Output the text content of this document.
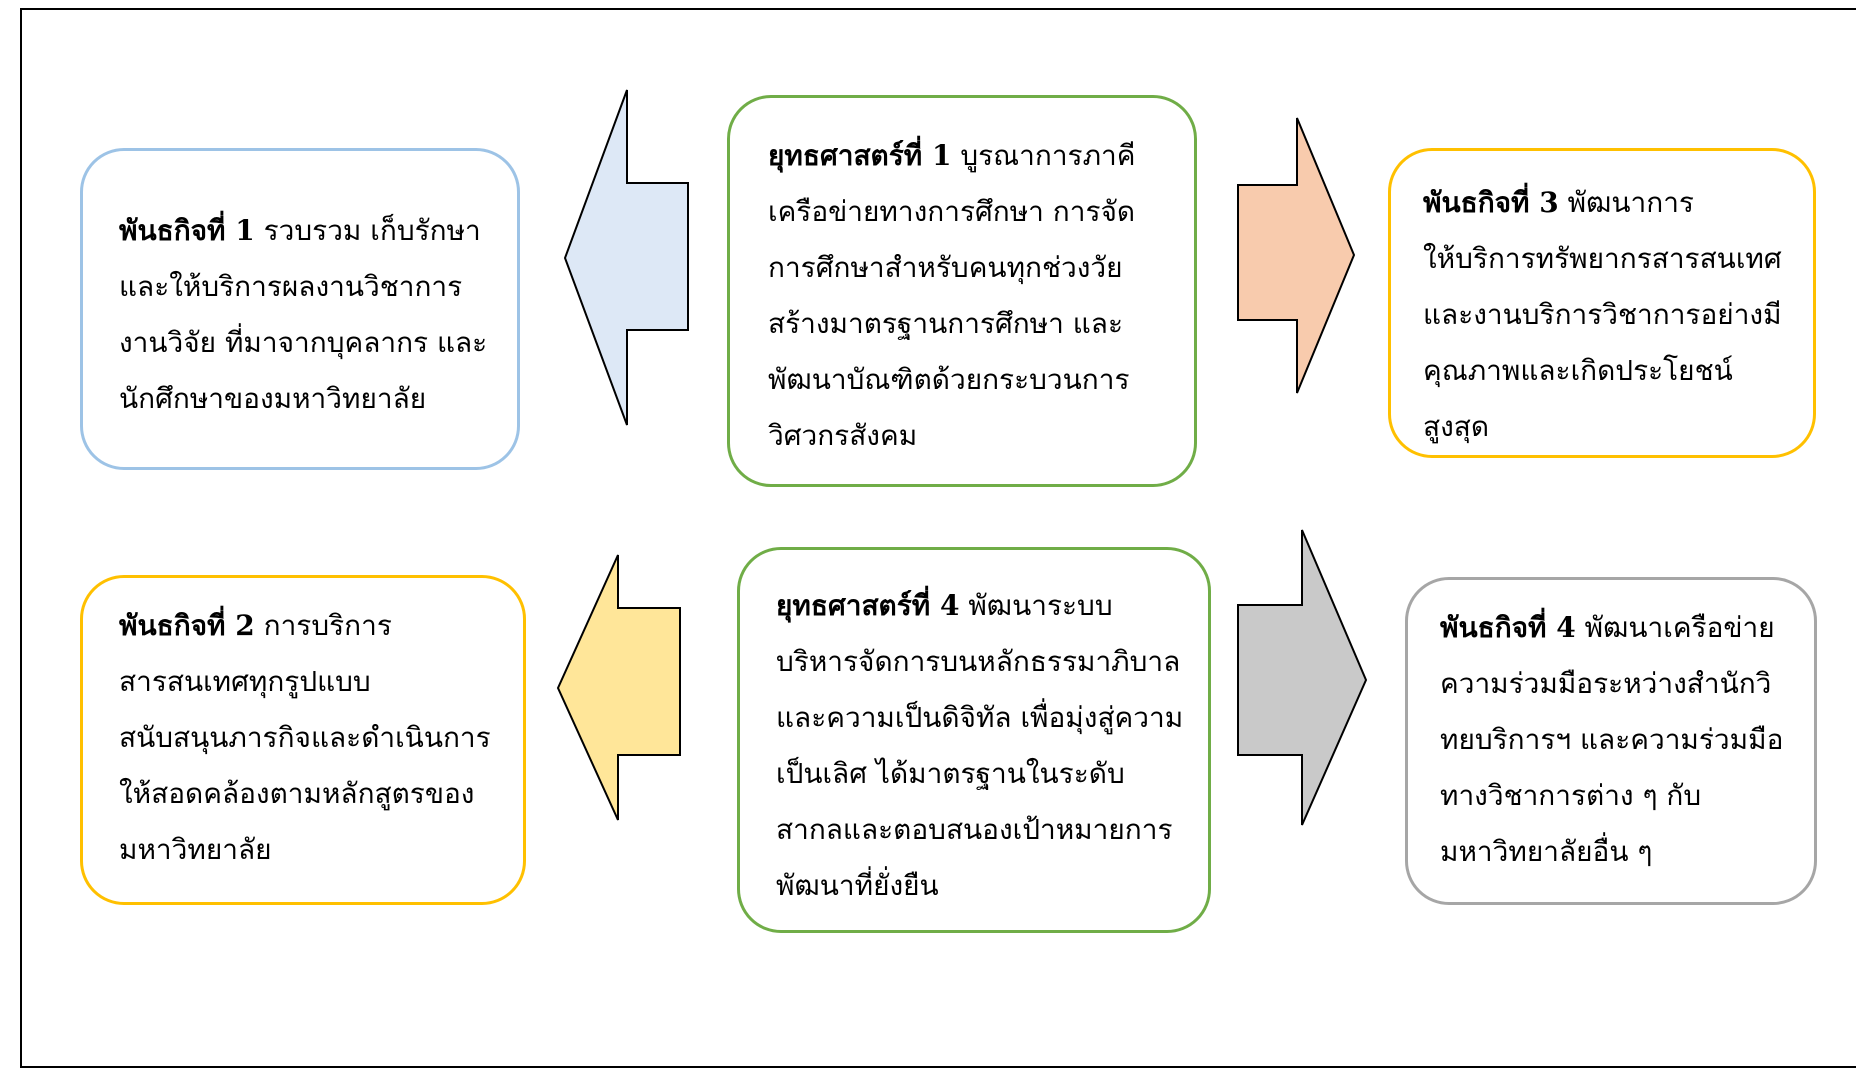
พันธกิจที่ 1 รวบรวม เก็บรักษา
และให้บริการผลงานวิชาการ
งานวิจัย ที่มาจากบุคลากร และ
นักศึกษาของมหาวิทยาลัย
ยุทธศาสตร์ที่ 1 บูรณาการภาคี
เครือข่ายทางการศึกษา การจัด
การศึกษาสำหรับคนทุกช่วงวัย
สร้างมาตรฐานการศึกษา และ
พัฒนาบัณฑิตด้วยกระบวนการ
วิศวกรสังคม
พันธกิจที่ 3 พัฒนาการ
ให้บริการทรัพยากรสารสนเทศ
และงานบริการวิชาการอย่างมี
คุณภาพและเกิดประโยชน์
สูงสุด
พันธกิจที่ 2 การบริการ
สารสนเทศทุกรูปแบบ
สนับสนุนภารกิจและดำเนินการ
ให้สอดคล้องตามหลักสูตรของ
มหาวิทยาลัย
ยุทธศาสตร์ที่ 4 พัฒนาระบบ
บริหารจัดการบนหลักธรรมาภิบาล
และความเป็นดิจิทัล เพื่อมุ่งสู่ความ
เป็นเลิศ ได้มาตรฐานในระดับ
สากลและตอบสนองเป้าหมายการ
พัฒนาที่ยั่งยืน
พันธกิจที่ 4 พัฒนาเครือข่าย
ความร่วมมือระหว่างสำนักวิ
ทยบริการฯ และความร่วมมือ
ทางวิชาการต่าง ๆ กับ
มหาวิทยาลัยอื่น ๆ
